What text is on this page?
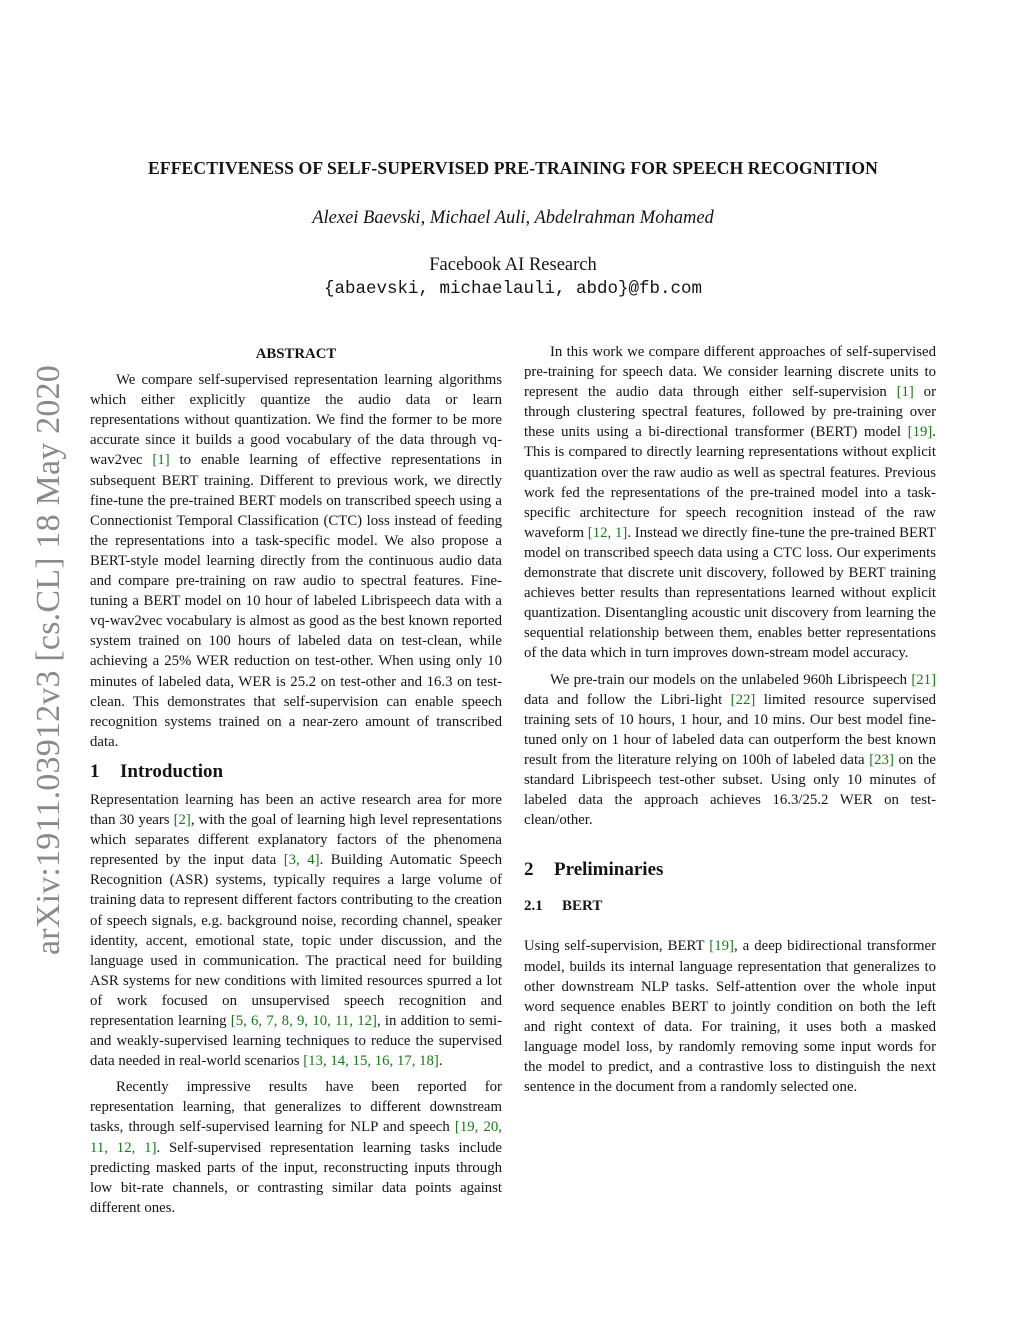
arXiv:1911.03912v3 [cs.CL] 18 May 2020
EFFECTIVENESS OF SELF-SUPERVISED PRE-TRAINING FOR SPEECH RECOGNITION
Alexei Baevski, Michael Auli, Abdelrahman Mohamed
Facebook AI Research
{abaevski, michaelauli, abdo}@fb.com
ABSTRACT

We compare self-supervised representation learning algorithms which either explicitly quantize the audio data or learn representations without quantization. We find the former to be more accurate since it builds a good vocabulary of the data through vq-wav2vec [1] to enable learning of effective representations in subsequent BERT training. Different to previous work, we directly fine-tune the pre-trained BERT models on transcribed speech using a Connectionist Temporal Classification (CTC) loss instead of feeding the representations into a task-specific model. We also propose a BERT-style model learning directly from the continuous audio data and compare pre-training on raw audio to spectral features. Fine-tuning a BERT model on 10 hour of labeled Librispeech data with a vq-wav2vec vocabulary is almost as good as the best known reported system trained on 100 hours of labeled data on test-clean, while achieving a 25% WER reduction on test-other. When using only 10 minutes of labeled data, WER is 25.2 on test-other and 16.3 on test-clean. This demonstrates that self-supervision can enable speech recognition systems trained on a near-zero amount of transcribed data.

1 Introduction

Representation learning has been an active research area for more than 30 years [2], with the goal of learning high level representations which separates different explanatory factors of the phenomena represented by the input data [3, 4]. Building Automatic Speech Recognition (ASR) systems, typically requires a large volume of training data to represent different factors contributing to the creation of speech signals, e.g. background noise, recording channel, speaker identity, accent, emotional state, topic under discussion, and the language used in communication. The practical need for building ASR systems for new conditions with limited resources spurred a lot of work focused on unsupervised speech recognition and representation learning [5, 6, 7, 8, 9, 10, 11, 12], in addition to semi- and weakly-supervised learning techniques to reduce the supervised data needed in real-world scenarios [13, 14, 15, 16, 17, 18].

Recently impressive results have been reported for representation learning, that generalizes to different downstream tasks, through self-supervised learning for NLP and speech [19, 20, 11, 12, 1]. Self-supervised representation learning tasks include predicting masked parts of the input, reconstructing inputs through low bit-rate channels, or contrasting similar data points against different ones.

In this work we compare different approaches of self-supervised pre-training for speech data. We consider learning discrete units to represent the audio data through either self-supervision [1] or through clustering spectral features, followed by pre-training over these units using a bi-directional transformer (BERT) model [19]. This is compared to directly learning representations without explicit quantization over the raw audio as well as spectral features. Previous work fed the representations of the pre-trained model into a task-specific architecture for speech recognition instead of the raw waveform [12, 1]. Instead we directly fine-tune the pre-trained BERT model on transcribed speech data using a CTC loss. Our experiments demonstrate that discrete unit discovery, followed by BERT training achieves better results than representations learned without explicit quantization. Disentangling acoustic unit discovery from learning the sequential relationship between them, enables better representations of the data which in turn improves down-stream model accuracy.

We pre-train our models on the unlabeled 960h Librispeech [21] data and follow the Libri-light [22] limited resource supervised training sets of 10 hours, 1 hour, and 10 mins. Our best model fine-tuned only on 1 hour of labeled data can outperform the best known result from the literature relying on 100h of labeled data [23] on the standard Librispeech test-other subset. Using only 10 minutes of labeled data the approach achieves 16.3/25.2 WER on test-clean/other.

2 Preliminaries
2.1 BERT

Using self-supervision, BERT [19], a deep bidirectional transformer model, builds its internal language representation that generalizes to other downstream NLP tasks. Self-attention over the whole input word sequence enables BERT to jointly condition on both the left and right context of data. For training, it uses both a masked language model loss, by randomly removing some input words for the model to predict, and a contrastive loss to distinguish the next sentence in the document from a randomly selected one.
